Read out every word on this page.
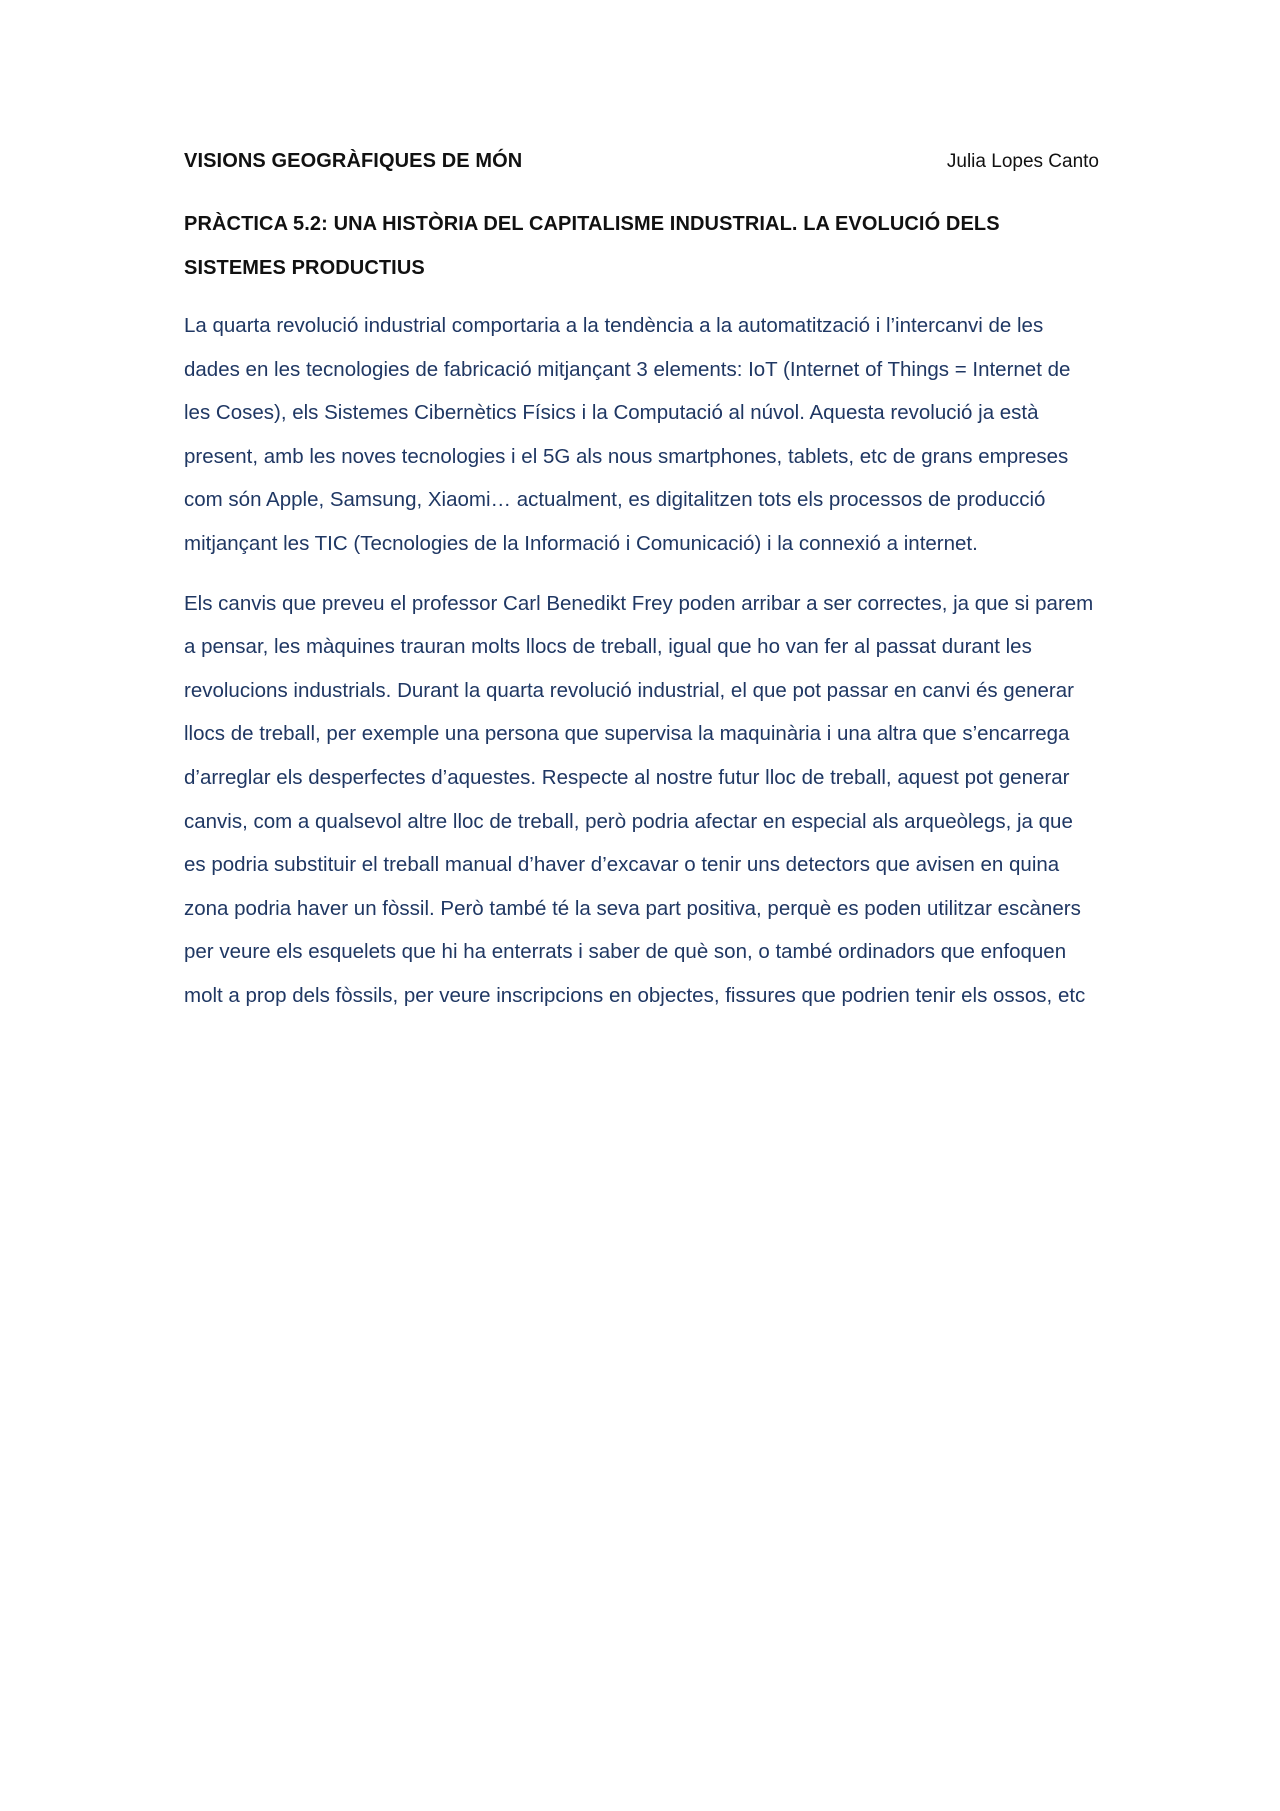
VISIONS GEOGRÀFIQUES DE MÓN	Julia Lopes Canto
PRÀCTICA 5.2: UNA HISTÒRIA DEL CAPITALISME INDUSTRIAL. LA EVOLUCIÓ DELS SISTEMES PRODUCTIUS

La quarta revolució industrial comportaria a la tendència a la automatització i l’intercanvi de les dades en les tecnologies de fabricació mitjançant 3 elements: IoT (Internet of Things = Internet de les Coses), els Sistemes Cibernètics Físics i la Computació al núvol. Aquesta revolució ja està present, amb les noves tecnologies i el 5G als nous smartphones, tablets, etc de grans empreses com són Apple, Samsung, Xiaomi… actualment, es digitalitzen tots els processos de producció mitjançant les TIC (Tecnologies de la Informació i Comunicació) i la connexió a internet.

Els canvis que preveu el professor Carl Benedikt Frey poden arribar a ser correctes, ja que si parem a pensar, les màquines trauran molts llocs de treball, igual que ho van fer al passat durant les revolucions industrials. Durant la quarta revolució industrial, el que pot passar en canvi és generar llocs de treball, per exemple una persona que supervisa la maquinària i una altra que s’encarrega d’arreglar els desperfectes d’aquestes. Respecte al nostre futur lloc de treball, aquest pot generar canvis, com a qualsevol altre lloc de treball, però podria afectar en especial als arqueòlegs, ja que es podria substituir el treball manual d’haver d’excavar o tenir uns detectors que avisen en quina zona podria haver un fòssil. Però també té la seva part positiva, perquè es poden utilitzar escàners per veure els esquelets que hi ha enterrats i saber de què son, o també ordinadors que enfoquen molt a prop dels fòssils, per veure inscripcions en objectes, fissures que podrien tenir els ossos, etc
